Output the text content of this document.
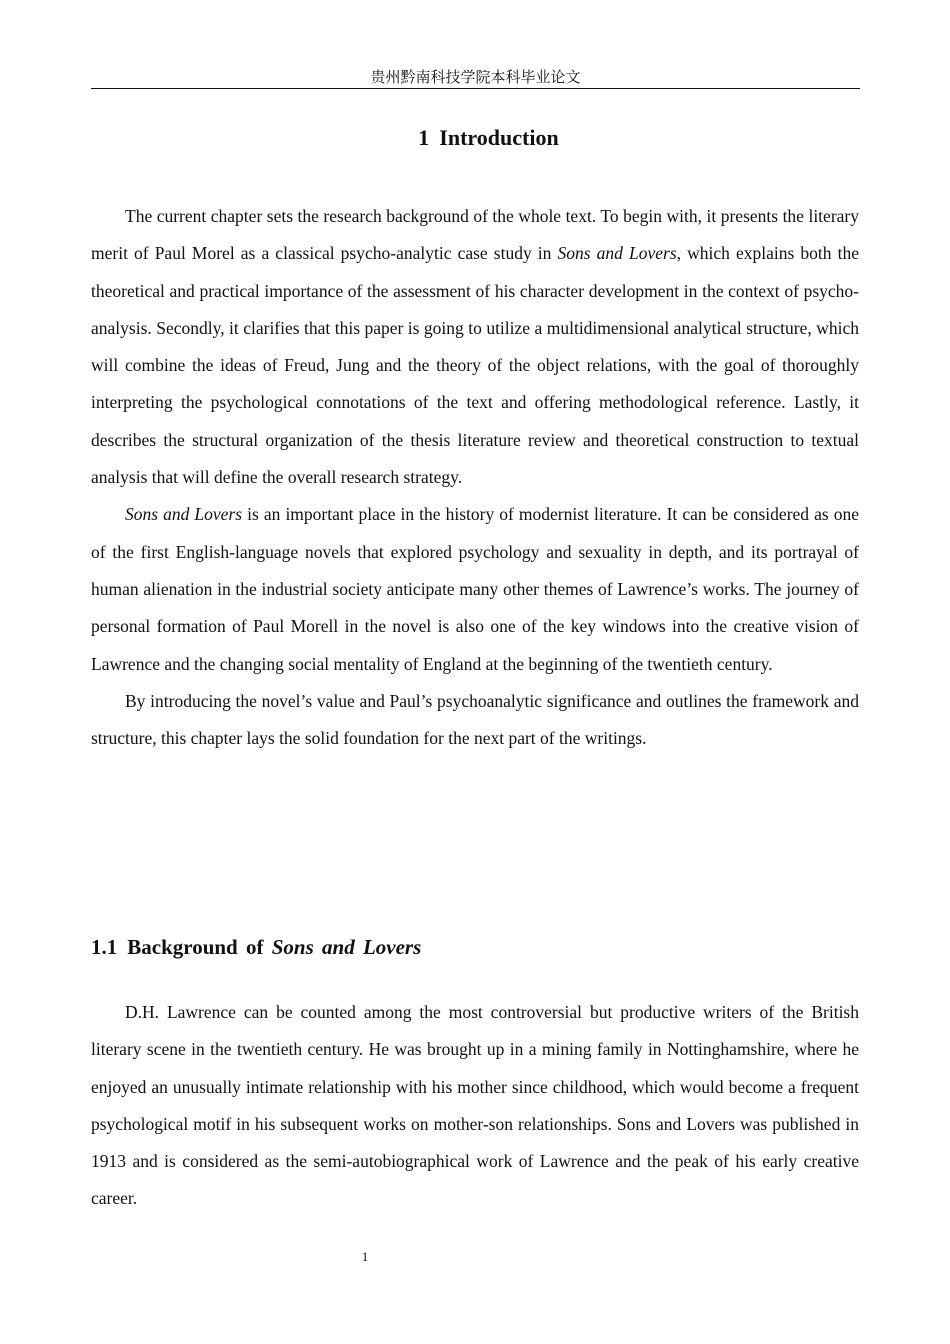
贵州黔南科技学院本科毕业论文
1 Introduction

The current chapter sets the research background of the whole text. To begin with, it presents the literary merit of Paul Morel as a classical psycho-analytic case study in Sons and Lovers, which explains both the theoretical and practical importance of the assessment of his character development in the context of psycho-analysis. Secondly, it clarifies that this paper is going to utilize a multidimensional analytical structure, which will combine the ideas of Freud, Jung and the theory of the object relations, with the goal of thoroughly interpreting the psychological connotations of the text and offering methodological reference. Lastly, it describes the structural organization of the thesis literature review and theoretical construction to textual analysis that will define the overall research strategy.

Sons and Lovers is an important place in the history of modernist literature. It can be considered as one of the first English-language novels that explored psychology and sexuality in depth, and its portrayal of human alienation in the industrial society anticipate many other themes of Lawrence’s works. The journey of personal formation of Paul Morell in the novel is also one of the key windows into the creative vision of Lawrence and the changing social mentality of England at the beginning of the twentieth century.

By introducing the novel’s value and Paul’s psychoanalytic significance and outlines the framework and structure, this chapter lays the solid foundation for the next part of the writings.

1.1 Background of Sons and Lovers

D.H. Lawrence can be counted among the most controversial but productive writers of the British literary scene in the twentieth century. He was brought up in a mining family in Nottinghamshire, where he enjoyed an unusually intimate relationship with his mother since childhood, which would become a frequent psychological motif in his subsequent works on mother-son relationships. Sons and Lovers was published in 1913 and is considered as the semi-autobiographical work of Lawrence and the peak of his early creative career.

1
